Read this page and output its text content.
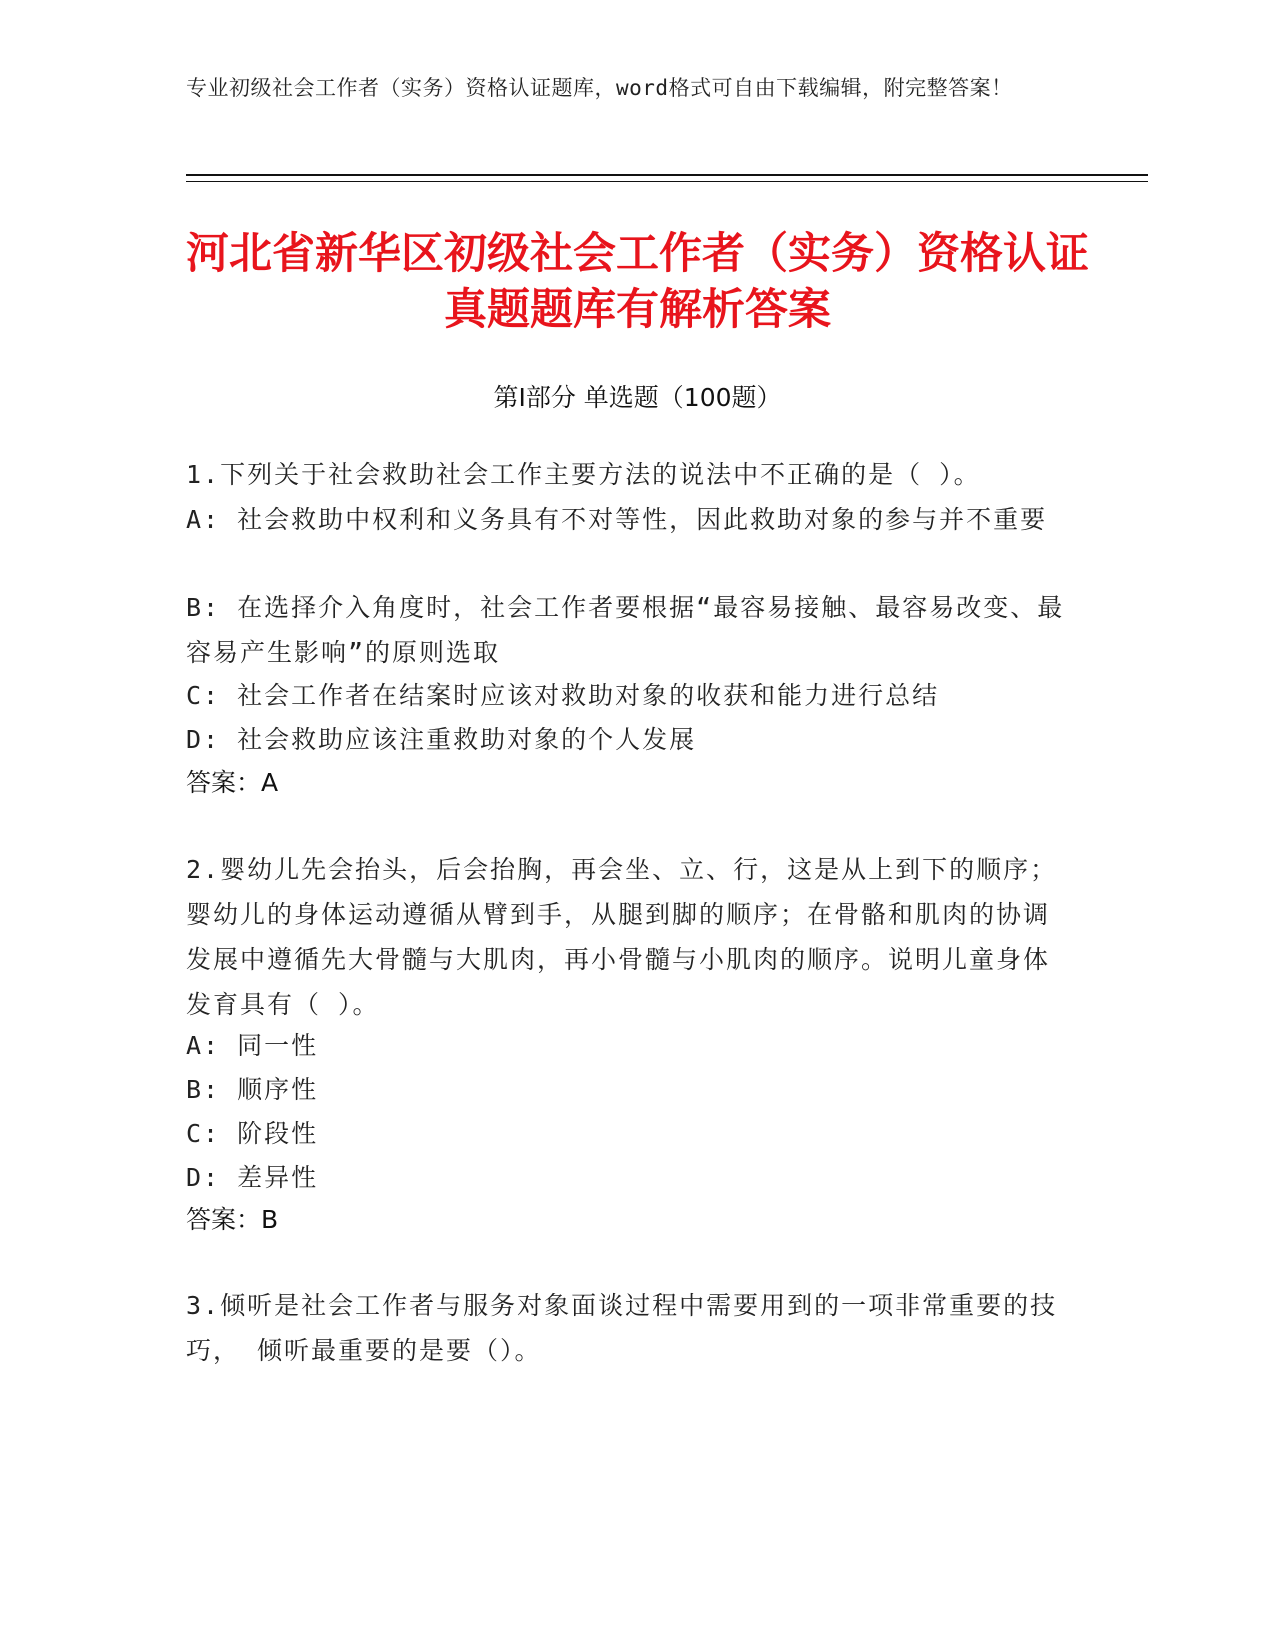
专业初级社会工作者（实务）资格认证题库，word格式可自由下载编辑，附完整答案！
河北省新华区初级社会工作者（实务）资格认证真题题库有解析答案
第Ⅰ部分 单选题（100题）
1.下列关于社会救助社会工作主要方法的说法中不正确的是（ ）。
A: 社会救助中权利和义务具有不对等性，因此救助对象的参与并不重要
B: 在选择介入角度时，社会工作者要根据“最容易接触、最容易改变、最容易产生影响”的原则选取
C: 社会工作者在结案时应该对救助对象的收获和能力进行总结
D: 社会救助应该注重救助对象的个人发展
答案：A
2.婴幼儿先会抬头，后会抬胸，再会坐、立、行，这是从上到下的顺序；婴幼儿的身体运动遵循从臂到手，从腿到脚的顺序；在骨骼和肌肉的协调发展中遵循先大骨髓与大肌肉，再小骨髓与小肌肉的顺序。说明儿童身体发育具有（ ）。
A: 同一性
B: 顺序性
C: 阶段性
D: 差异性
答案：B
3.倾听是社会工作者与服务对象面谈过程中需要用到的一项非常重要的技巧， 倾听最重要的是要（）。
